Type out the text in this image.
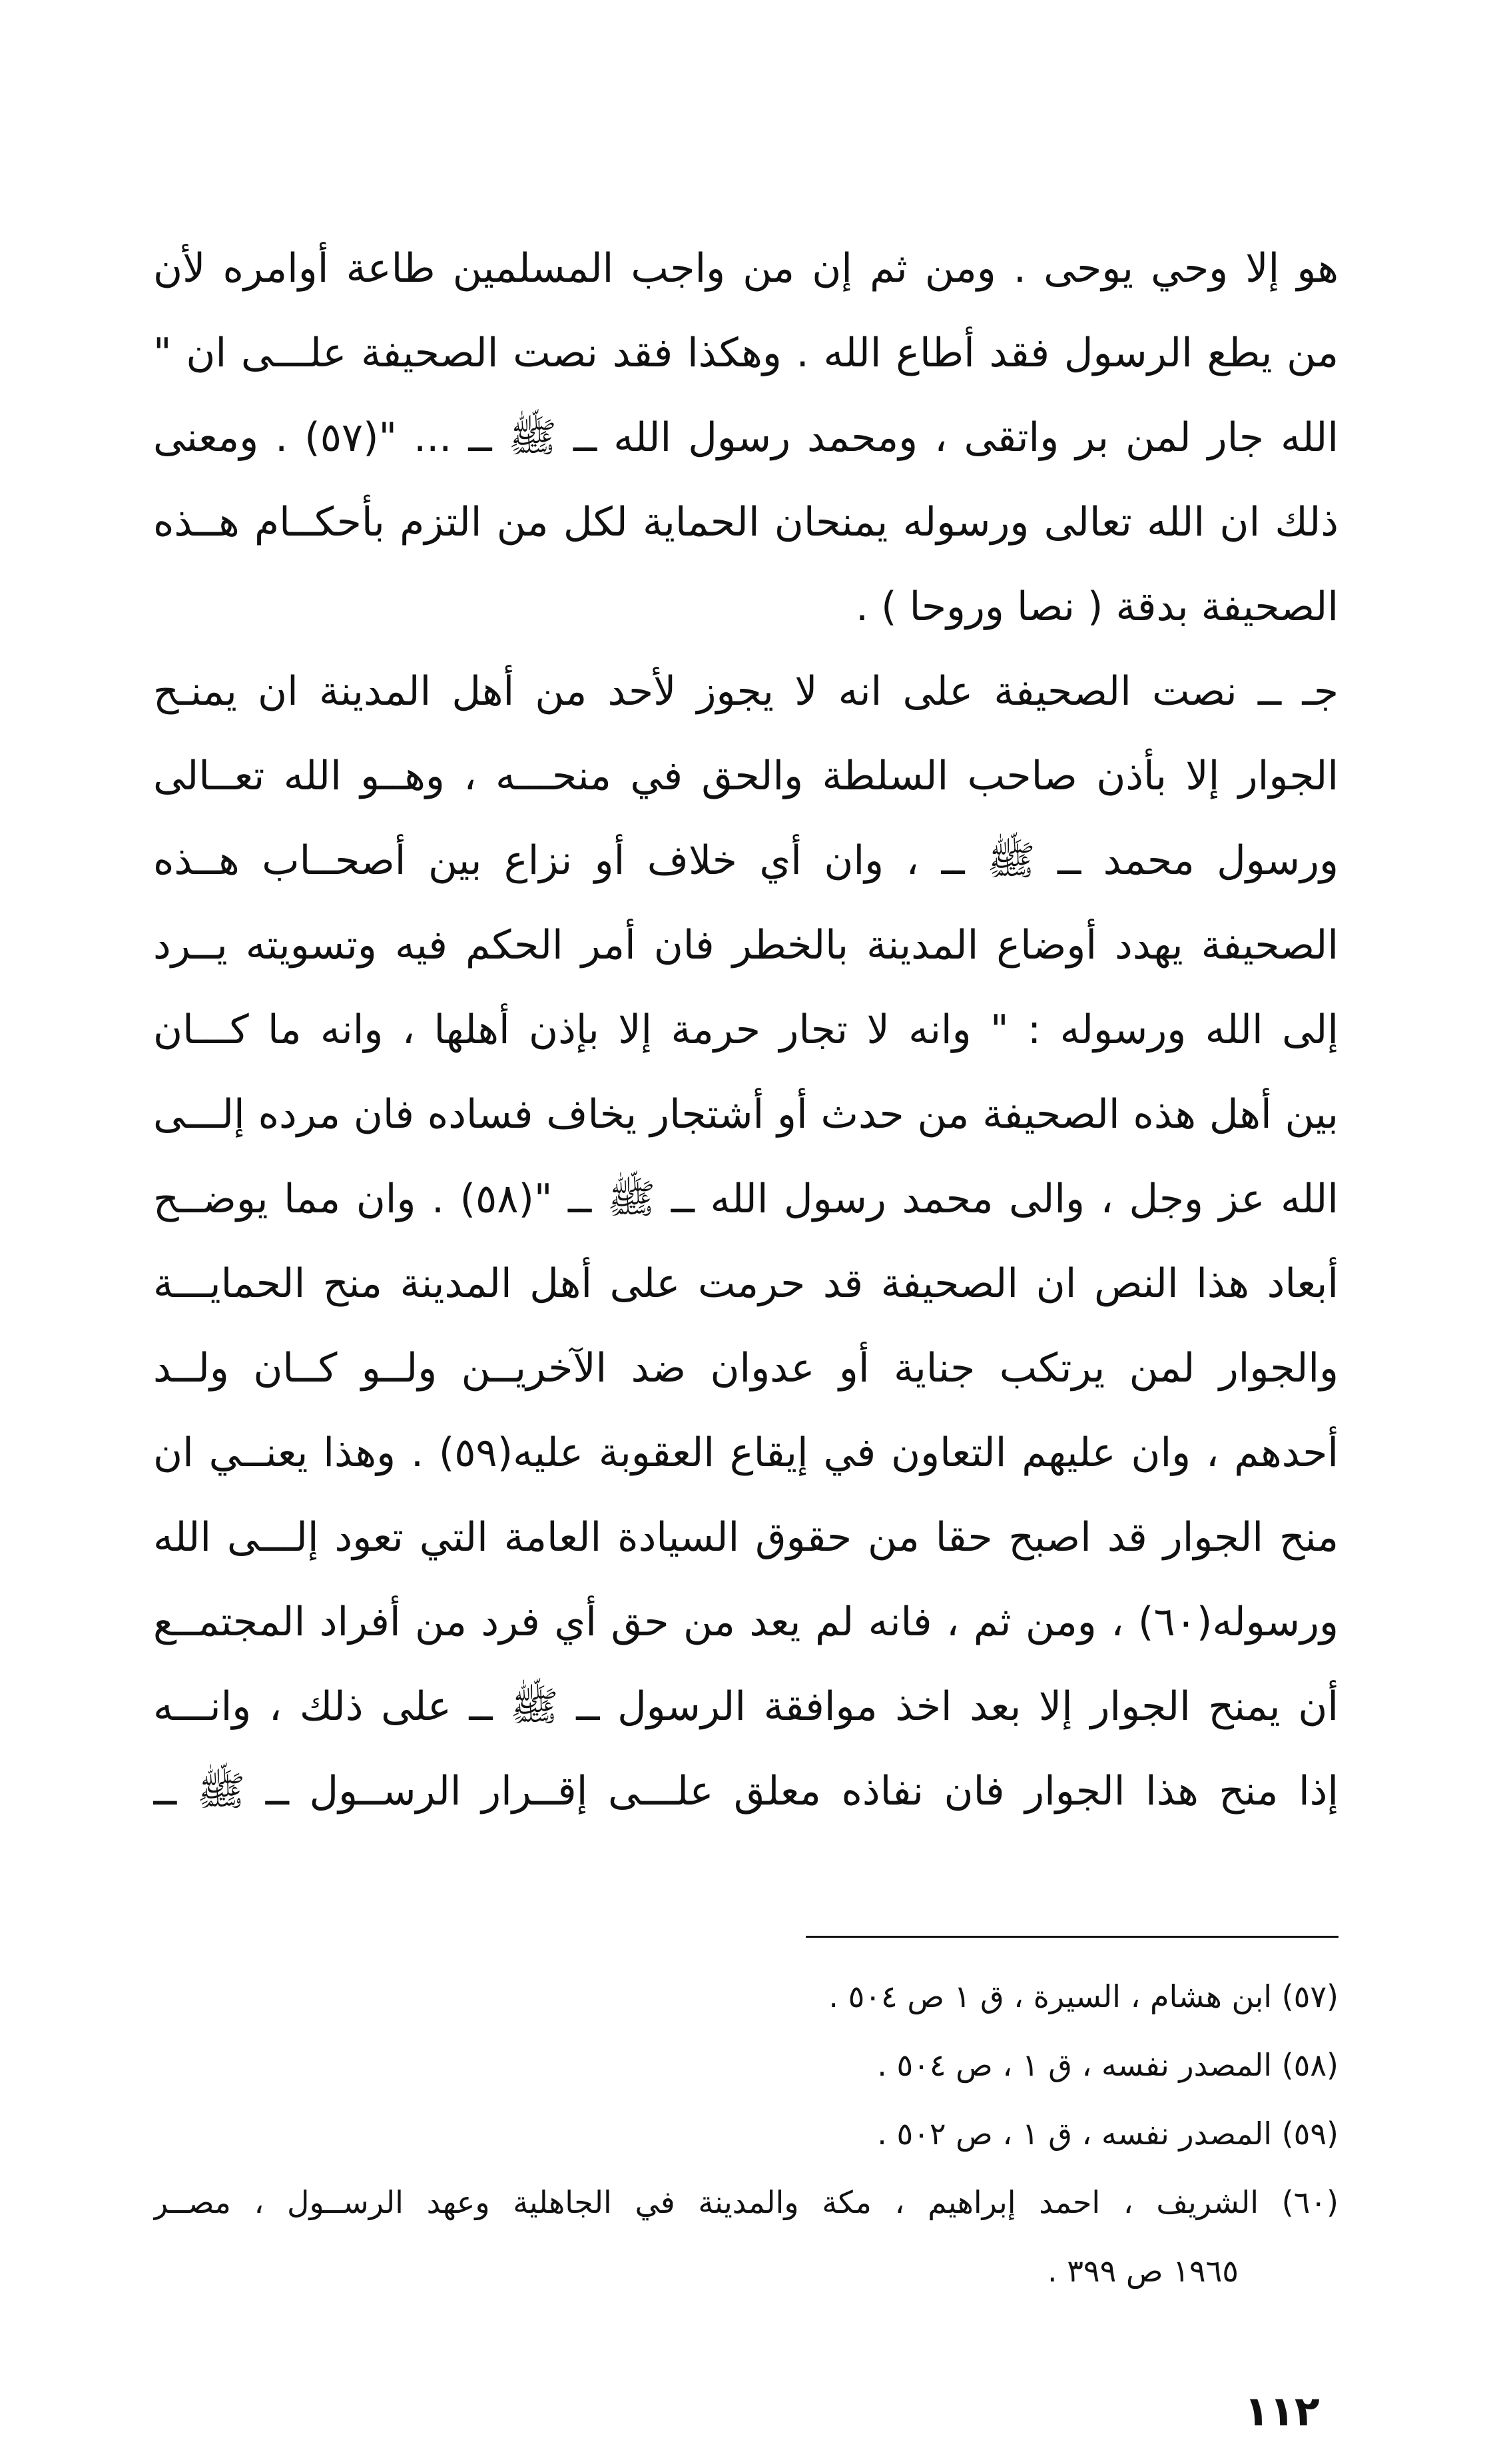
هو إلا وحي يوحى . ومن ثم إن من واجب المسلمين طاعة أوامره لأن
من يطع الرسول فقد أطاع الله . وهكذا فقد نصت الصحيفة علـــى ان "
الله جار لمن بر واتقى ، ومحمد رسول الله ــ ﷺ ــ ... "(٥٧) . ومعنى
ذلك ان الله تعالى ورسوله يمنحان الحماية لكل من التزم بأحكــام هــذه
الصحيفة بدقة ( نصا وروحا ) .
جـ ــ نصت الصحيفة على انه لا يجوز لأحد من أهل المدينة ان يمنـح
الجوار إلا بأذن صاحب السلطة والحق في منحـــه ، وهــو الله تعــالى
ورسول محمد ــ ﷺ ــ ، وان أي خلاف أو نزاع بين أصحــاب هــذه
الصحيفة يهدد أوضاع المدينة بالخطر فان أمر الحكم فيه وتسويته يــرد
إلى الله ورسوله : " وانه لا تجار حرمة إلا بإذن أهلها ، وانه ما كـــان
بين أهل هذه الصحيفة من حدث أو أشتجار يخاف فساده فان مرده إلـــى
الله عز وجل ، والى محمد رسول الله ــ ﷺ ــ "(٥٨) . وان مما يوضــح
أبعاد هذا النص ان الصحيفة قد حرمت على أهل المدينة منح الحمايـــة
والجوار لمن يرتكب جناية أو عدوان ضد الآخريــن ولــو كــان ولــد
أحدهم ، وان عليهم التعاون في إيقاع العقوبة عليه(٥٩) . وهذا يعنــي ان
منح الجوار قد اصبح حقا من حقوق السيادة العامة التي تعود إلـــى الله
ورسوله(٦٠) ، ومن ثم ، فانه لم يعد من حق أي فرد من أفراد المجتمــع
أن يمنح الجوار إلا بعد اخذ موافقة الرسول ــ ﷺ ــ على ذلك ، وانـــه
إذا منح هذا الجوار فان نفاذه معلق علـــى إقــرار الرســول ــ ﷺ ــ
(٥٧) ابن هشام ، السيرة ، ق ١ ص ٥٠٤ .
(٥٨) المصدر نفسه ، ق ١ ، ص ٥٠٤ .
(٥٩) المصدر نفسه ، ق ١ ، ص ٥٠٢ .
(٦٠) الشريف ، احمد إبراهيم ، مكة والمدينة في الجاهلية وعهد الرســول ، مصــر
١٩٦٥ ص ٣٩٩ .
١١٢
